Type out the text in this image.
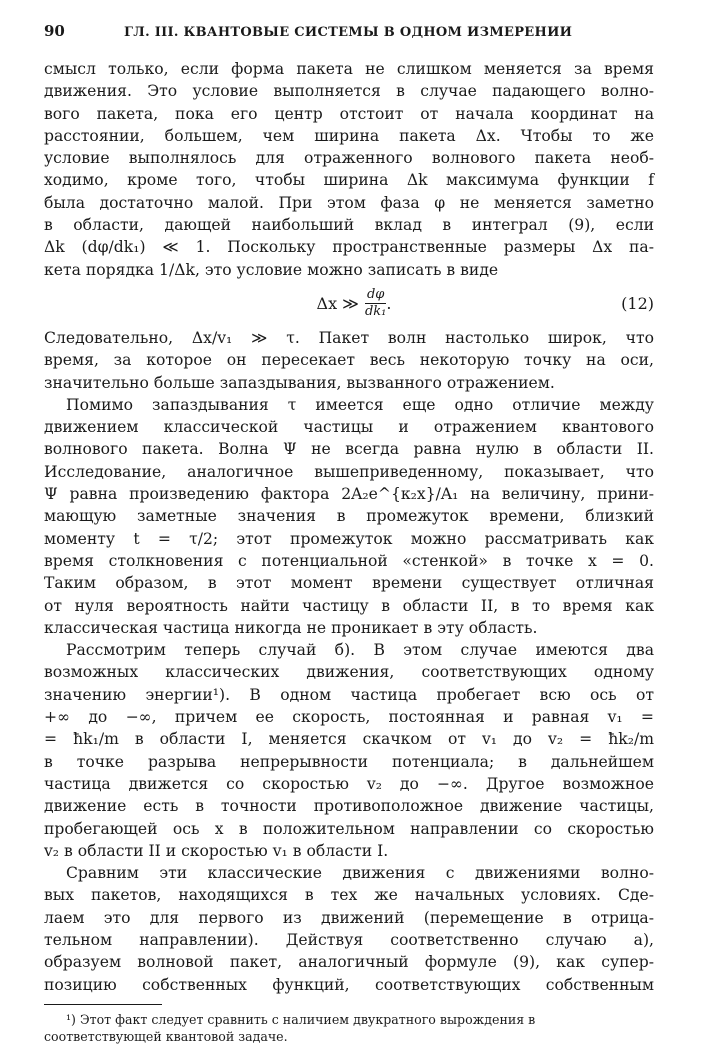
90	ГЛ. III. КВАНТОВЫЕ СИСТЕМЫ В ОДНОМ ИЗМЕРЕНИИ

смысл только, если форма пакета не слишком меняется за время
движения. Это условие выполняется в случае падающего волно-
вого пакета, пока его центр отстоит от начала координат на
расстоянии, большем, чем ширина пакета Δx. Чтобы то же
условие выполнялось для отраженного волнового пакета необ-
ходимо, кроме того, чтобы ширина Δk максимума функции f
была достаточно малой. При этом фаза φ не меняется заметно
в области, дающей наибольший вклад в интеграл (9), если
Δk (dφ/dk₁) ≪ 1. Поскольку пространственные размеры Δx па-
кета порядка 1/Δk, это условие можно записать в виде

Δx ≫ $\frac{d\varphi}{\text{dk₁}}$ .	(12)

Следовательно, Δx/v₁ ≫ τ. Пакет волн настолько широк, что
время, за которое он пересекает весь некоторую точку на оси,
значительно больше запаздывания, вызванного отражением.

Помимо запаздывания τ имеется еще одно отличие между
движением классической частицы и отражением квантового
волнового пакета. Волна Ψ не всегда равна нулю в области II.
Исследование, аналогичное вышеприведенному, показывает, что
Ψ равна произведению фактора 2A₂e^{κ₂x}/A₁ на величину, прини-
мающую заметные значения в промежуток времени, близкий
моменту t = τ/2; этот промежуток можно рассматривать как
время столкновения с потенциальной «стенкой» в точке x = 0.
Таким образом, в этот момент времени существует отличная
от нуля вероятность найти частицу в области II, в то время как
классическая частица никогда не проникает в эту область.

Рассмотрим теперь случай б). В этом случае имеются два
возможных классических движения, соответствующих одному
значению энергии¹). В одном частица пробегает всю ось от
+∞ до −∞, причем ее скорость, постоянная и равная v₁ =
= ħk₁/m в области I, меняется скачком от v₁ до v₂ = ħk₂/m
в точке разрыва непрерывности потенциала; в дальнейшем
частица движется со скоростью v₂ до −∞. Другое возможное
движение есть в точности противоположное движение частицы,
пробегающей ось x в положительном направлении со скоростью
v₂ в области II и скоростью v₁ в области I.

Сравним эти классические движения с движениями волно-
вых пакетов, находящихся в тех же начальных условиях. Сде-
лаем это для первого из движений (перемещение в отрица-
тельном направлении). Действуя соответственно случаю а),
образуем волновой пакет, аналогичный формуле (9), как супер-
позицию собственных функций, соответствующих собственным

¹) Этот факт следует сравнить с наличием двукратного вырождения в
соответствующей квантовой задаче.
